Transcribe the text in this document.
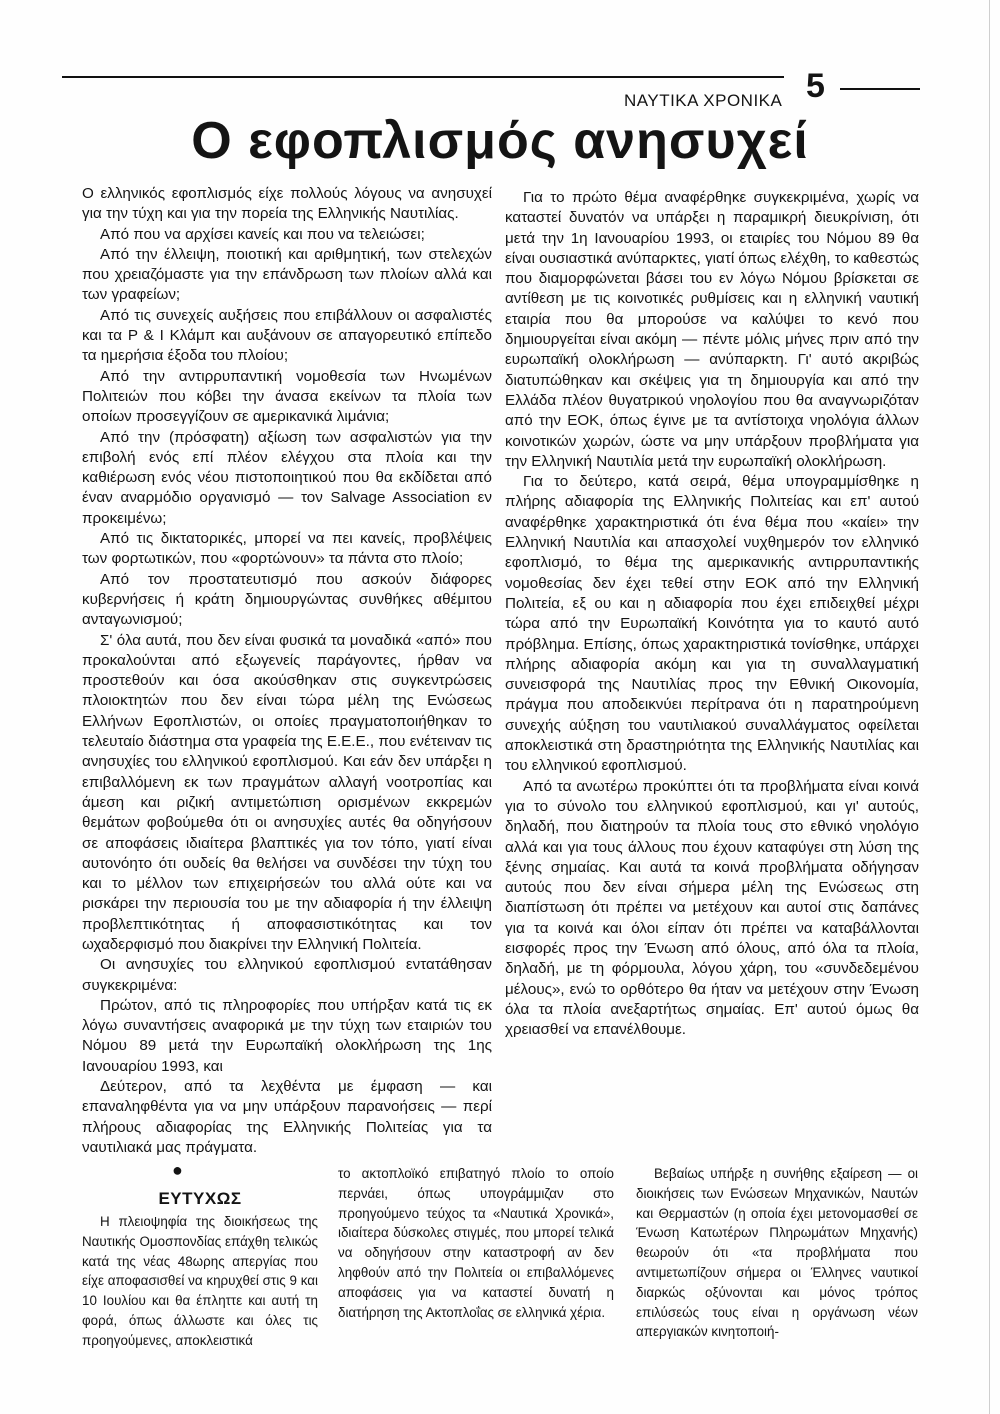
5
ΝΑΥΤΙΚΑ ΧΡΟΝΙΚΑ
Ο εφοπλισμός ανησυχεί

Ο ελληνικός εφοπλισμός είχε πολλούς λόγους να ανησυχεί για την τύχη και για την πορεία της Ελληνικής Ναυτιλίας.

Από που να αρχίσει κανείς και που να τελειώσει;

Από την έλλειψη, ποιοτική και αριθμητική, των στελεχών που χρειαζόμαστε για την επάνδρωση των πλοίων αλλά και των γραφείων;

Από τις συνεχείς αυξήσεις που επιβάλλουν οι ασφαλιστές και τα P & I Κλάμπ και αυξάνουν σε απαγορευτικό επίπεδο τα ημερήσια έξοδα του πλοίου;

Από την αντιρρυπαντική νομοθεσία των Ηνωμένων Πολιτειών που κόβει την άνασα εκείνων τα πλοία των οποίων προσεγγίζουν σε αμερικανικά λιμάνια;

Από την (πρόσφατη) αξίωση των ασφαλιστών για την επιβολή ενός επί πλέον ελέγχου στα πλοία και την καθιέρωση ενός νέου πιστοποιητικού που θα εκδίδεται από έναν αναρμόδιο οργανισμό — τον Salvage Association εν προκειμένω;

Από τις δικτατορικές, μπορεί να πει κανείς, προβλέψεις των φορτωτικών, που «φορτώνουν» τα πάντα στο πλοίο;

Από τον προστατευτισμό που ασκούν διάφορες κυβερνήσεις ή κράτη δημιουργώντας συνθήκες αθέμιτου ανταγωνισμού;

Σ' όλα αυτά, που δεν είναι φυσικά τα μοναδικά «από» που προκαλούνται από εξωγενείς παράγοντες, ήρθαν να προστεθούν και όσα ακούσθηκαν στις συγκεντρώσεις πλοιοκτητών που δεν είναι τώρα μέλη της Ενώσεως Ελλήνων Εφοπλιστών, οι οποίες πραγματοποιήθηκαν το τελευταίο διάστημα στα γραφεία της Ε.Ε.Ε., που ενέτειναν τις ανησυχίες του ελληνικού εφοπλισμού. Και εάν δεν υπάρξει η επιβαλλόμενη εκ των πραγμάτων αλλαγή νοοτροπίας και άμεση και ριζική αντιμετώπιση ορισμένων εκκρεμών θεμάτων φοβούμεθα ότι οι ανησυχίες αυτές θα οδηγήσουν σε αποφάσεις ιδιαίτερα βλαπτικές για τον τόπο, γιατί είναι αυτονόητο ότι ουδείς θα θελήσει να συνδέσει την τύχη του και το μέλλον των επιχειρήσεών του αλλά ούτε και να ρισκάρει την περιουσία του με την αδιαφορία ή την έλλειψη προβλεπτικότητας ή αποφασιστικότητας και τον ωχαδερφισμό που διακρίνει την Ελληνική Πολιτεία.

Οι ανησυχίες του ελληνικού εφοπλισμού εντατάθησαν συγκεκριμένα:

Πρώτον, από τις πληροφορίες που υπήρξαν κατά τις εκ λόγω συναντήσεις αναφορικά με την τύχη των εταιριών του Νόμου 89 μετά την Ευρωπαϊκή ολοκλήρωση της 1ης Ιανουαρίου 1993, και

Δεύτερον, από τα λεχθέντα με έμφαση — και επαναληφθέντα για να μην υπάρξουν παρανοήσεις — περί πλήρους αδιαφορίας της Ελληνικής Πολιτείας για τα ναυτιλιακά μας πράγματα.

Για το πρώτο θέμα αναφέρθηκε συγκεκριμένα, χωρίς να καταστεί δυνατόν να υπάρξει η παραμικρή διευκρίνιση, ότι μετά την 1η Ιανουαρίου 1993, οι εταιρίες του Νόμου 89 θα είναι ουσιαστικά ανύπαρκτες, γιατί όπως ελέχθη, το καθεστώς που διαμορφώνεται βάσει του εν λόγω Νόμου βρίσκεται σε αντίθεση με τις κοινοτικές ρυθμίσεις και η ελληνική ναυτική εταιρία που θα μπορούσε να καλύψει το κενό που δημιουργείται είναι ακόμη — πέντε μόλις μήνες πριν από την ευρωπαϊκή ολοκλήρωση — ανύπαρκτη. Γι' αυτό ακριβώς διατυπώθηκαν και σκέψεις για τη δημιουργία και από την Ελλάδα πλέον θυγατρικού νηολογίου που θα αναγνωριζόταν από την ΕΟΚ, όπως έγινε με τα αντίστοιχα νηολόγια άλλων κοινοτικών χωρών, ώστε να μην υπάρξουν προβλήματα για την Ελληνική Ναυτιλία μετά την ευρωπαϊκή ολοκλήρωση.

Για το δεύτερο, κατά σειρά, θέμα υπογραμμίσθηκε η πλήρης αδιαφορία της Ελληνικής Πολιτείας και επ' αυτού αναφέρθηκε χαρακτηριστικά ότι ένα θέμα που «καίει» την Ελληνική Ναυτιλία και απασχολεί νυχθημερόν τον ελληνικό εφοπλισμό, το θέμα της αμερικανικής αντιρρυπαντικής νομοθεσίας δεν έχει τεθεί στην ΕΟΚ από την Ελληνική Πολιτεία, εξ ου και η αδιαφορία που έχει επιδειχθεί μέχρι τώρα από την Ευρωπαϊκή Κοινότητα για το καυτό αυτό πρόβλημα. Επίσης, όπως χαρακτηριστικά τονίσθηκε, υπάρχει πλήρης αδιαφορία ακόμη και για τη συναλλαγματική συνεισφορά της Ναυτιλίας προς την Εθνική Οικονομία, πράγμα που αποδεικνύει περίτρανα ότι η παρατηρούμενη συνεχής αύξηση του ναυτιλιακού συναλλάγματος οφείλεται αποκλειστικά στη δραστηριότητα της Ελληνικής Ναυτιλίας και του ελληνικού εφοπλισμού.

Από τα ανωτέρω προκύπτει ότι τα προβλήματα είναι κοινά για το σύνολο του ελληνικού εφοπλισμού, και γι' αυτούς, δηλαδή, που διατηρούν τα πλοία τους στο εθνικό νηολόγιο αλλά και για τους άλλους που έχουν καταφύγει στη λύση της ξένης σημαίας. Και αυτά τα κοινά προβλήματα οδήγησαν αυτούς που δεν είναι σήμερα μέλη της Ενώσεως στη διαπίστωση ότι πρέπει να μετέχουν και αυτοί στις δαπάνες για τα κοινά και όλοι είπαν ότι πρέπει να καταβάλλονται εισφορές προς την Ένωση από όλους, από όλα τα πλοία, δηλαδή, με τη φόρμουλα, λόγου χάρη, του «συνδεδεμένου μέλους», ενώ το ορθότερο θα ήταν να μετέχουν στην Ένωση όλα τα πλοία ανεξαρτήτως σημαίας. Επ' αυτού όμως θα χρειασθεί να επανέλθουμε.

●
ΕΥΤΥΧΩΣ

Η πλειοψηφία της διοικήσεως της Ναυτικής Ομοσπονδίας επάχθη τελικώς κατά της νέας 48ωρης απεργίας που είχε αποφασισθεί να κηρυχθεί στις 9 και 10 Ιουλίου και θα έπληττε και αυτή τη φορά, όπως άλλωστε και όλες τις προηγούμενες, αποκλειστικά

το ακτοπλοϊκό επιβατηγό πλοίο το οποίο περνάει, όπως υπογράμμιζαν στο προηγούμενο τεύχος τα «Ναυτικά Χρονικά», ιδιαίτερα δύσκολες στιγμές, που μπορεί τελικά να οδηγήσουν στην καταστροφή αν δεν ληφθούν από την Πολιτεία οι επιβαλλόμενες αποφάσεις για να καταστεί δυνατή η διατήρηση της Ακτοπλοΐας σε ελληνικά χέρια.

Βεβαίως υπήρξε η συνήθης εξαίρεση — οι διοικήσεις των Ενώσεων Μηχανικών, Ναυτών και Θερμαστών (η οποία έχει μετονομασθεί σε Ένωση Κατωτέρων Πληρωμάτων Μηχανής) θεωρούν ότι «τα προβλήματα που αντιμετωπίζουν σήμερα οι Έλληνες ναυτικοί διαρκώς οξύνονται και μόνος τρόπος επιλύσεώς τους είναι η οργάνωση νέων απεργιακών κινητοποιή-
